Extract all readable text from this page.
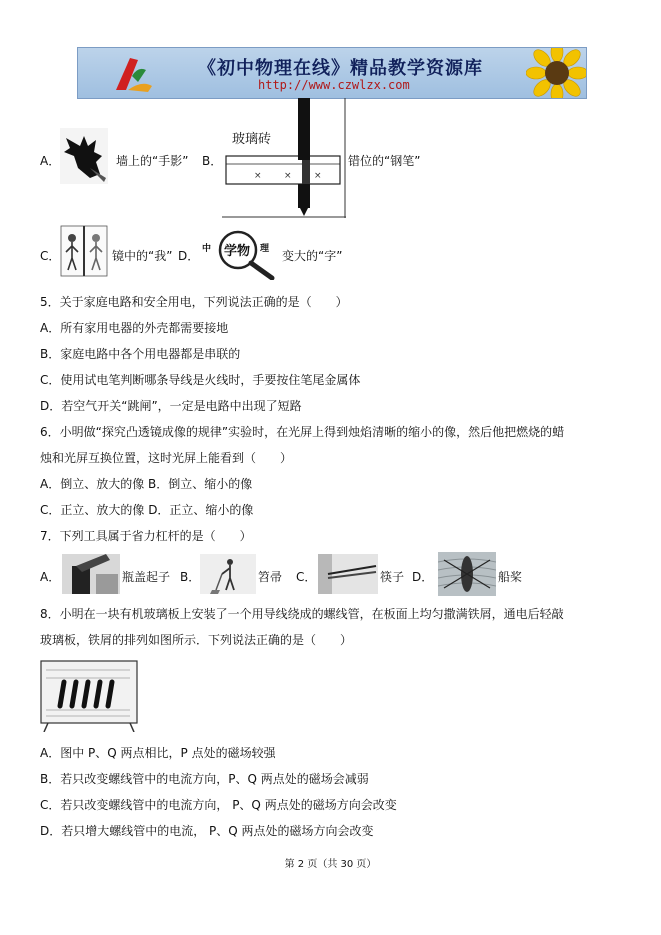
《初中物理在线》精品教学资源库
http://www.czwlzx.com
A．	墙上的“手影” B．
× × ×
玻璃砖
错位的“钢笔”
C．	镜中的“我” D． 中 学物 理 变大的“字”
5．关于家庭电路和安全用电，下列说法正确的是（　　）
A．所有家用电器的外壳都需要接地
B．家庭电路中各个用电器都是串联的
C．使用试电笔判断哪条导线是火线时，手要按住笔尾金属体
D．若空气开关“跳闸”，一定是电路中出现了短路
6．小明做“探究凸透镜成像的规律”实验时，在光屏上得到烛焰清晰的缩小的像，然后他把燃烧的蜡
烛和光屏互换位置，这时光屏上能看到（　　）
A．倒立、放大的像 B．倒立、缩小的像
C．正立、放大的像 D．正立、缩小的像
7．下列工具属于省力杠杆的是（　　）
A．	瓶盖起子 B．	笤帚 C．	筷子 D．	船桨
8．小明在一块有机玻璃板上安装了一个用导线绕成的螺线管，在板面上均匀撒满铁屑，通电后轻敲
玻璃板，铁屑的排列如图所示．下列说法正确的是（　　）
A．图中 P、Q 两点相比，P 点处的磁场较强
B．若只改变螺线管中的电流方向，P、Q 两点处的磁场会减弱
C．若只改变螺线管中的电流方向， P、Q 两点处的磁场方向会改变
D．若只增大螺线管中的电流， P、Q 两点处的磁场方向会改变
第 2 页（共 30 页）
